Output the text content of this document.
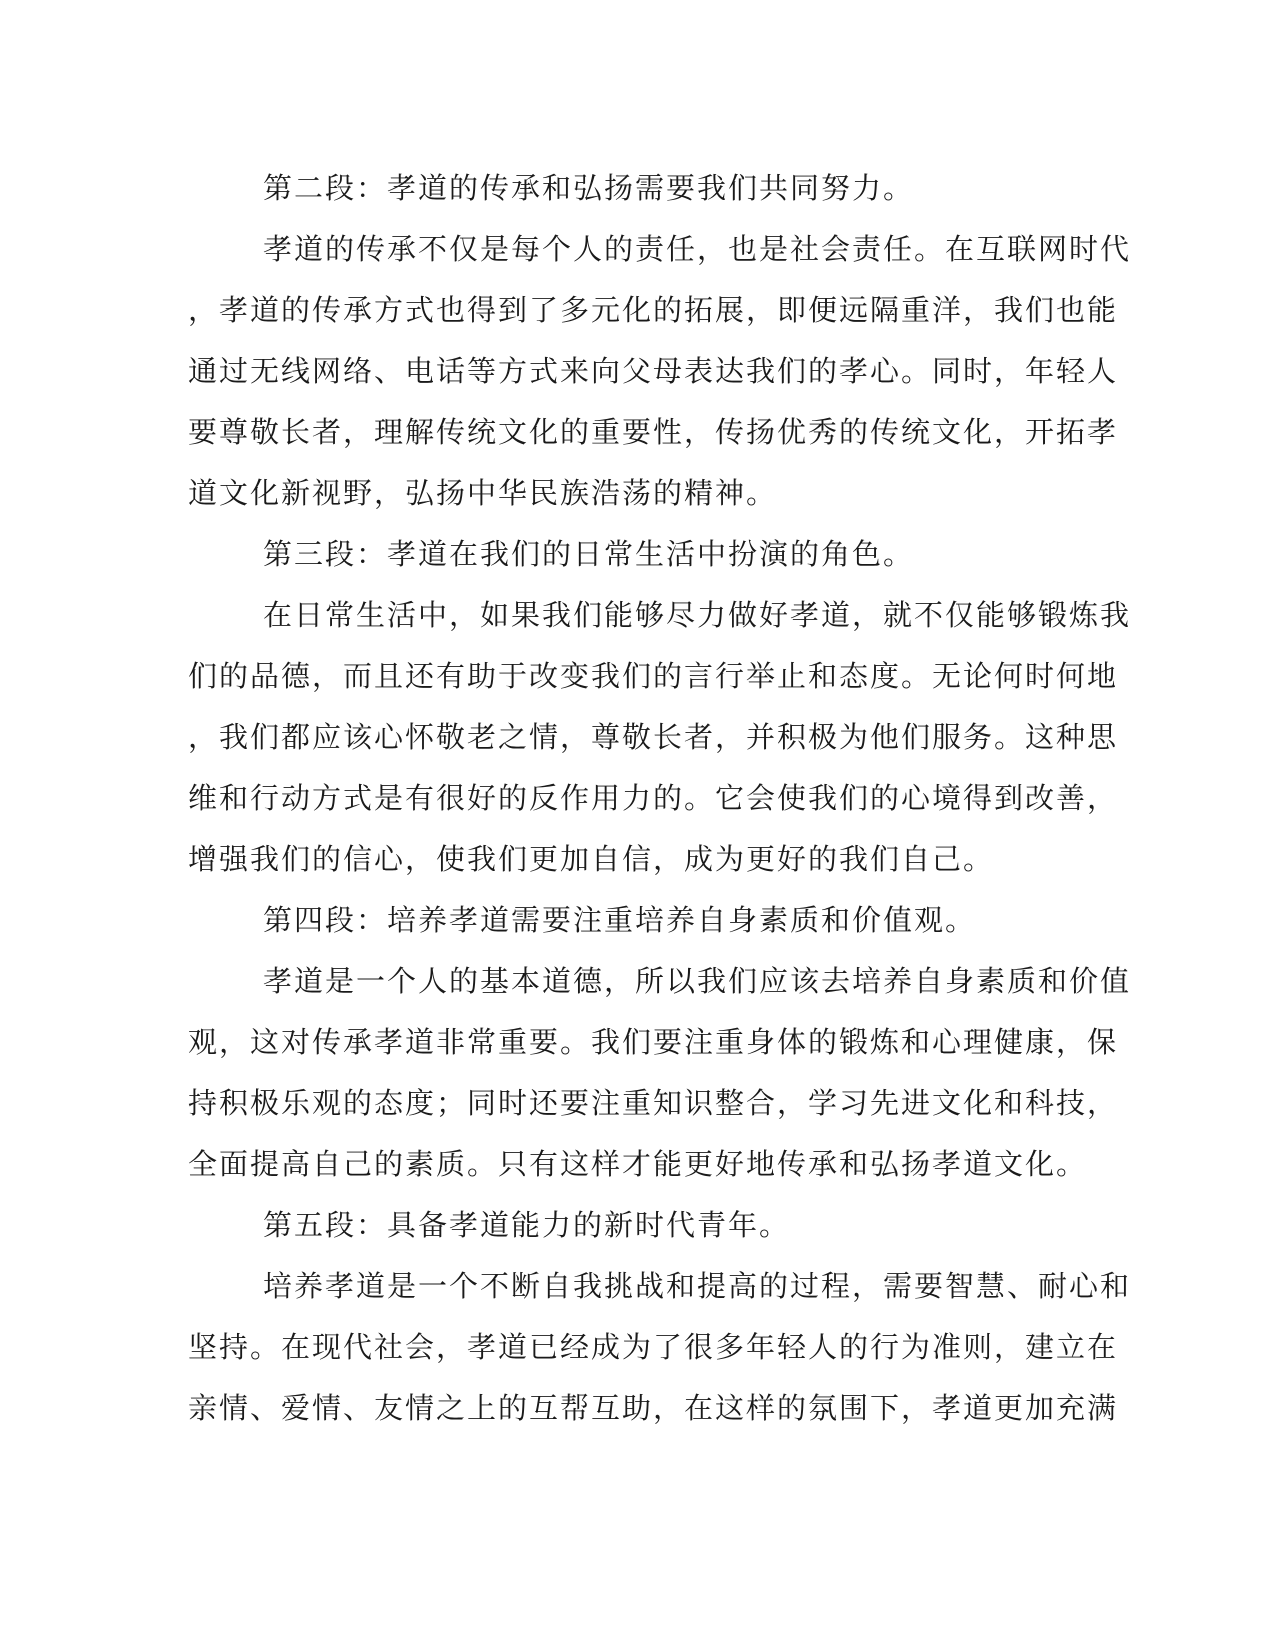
第二段：孝道的传承和弘扬需要我们共同努力。
孝道的传承不仅是每个人的责任，也是社会责任。在互联网时代
，孝道的传承方式也得到了多元化的拓展，即便远隔重洋，我们也能
通过无线网络、电话等方式来向父母表达我们的孝心。同时，年轻人
要尊敬长者，理解传统文化的重要性，传扬优秀的传统文化，开拓孝
道文化新视野，弘扬中华民族浩荡的精神。
第三段：孝道在我们的日常生活中扮演的角色。
在日常生活中，如果我们能够尽力做好孝道，就不仅能够锻炼我
们的品德，而且还有助于改变我们的言行举止和态度。无论何时何地
，我们都应该心怀敬老之情，尊敬长者，并积极为他们服务。这种思
维和行动方式是有很好的反作用力的。它会使我们的心境得到改善，
增强我们的信心，使我们更加自信，成为更好的我们自己。
第四段：培养孝道需要注重培养自身素质和价值观。
孝道是一个人的基本道德，所以我们应该去培养自身素质和价值
观，这对传承孝道非常重要。我们要注重身体的锻炼和心理健康，保
持积极乐观的态度；同时还要注重知识整合，学习先进文化和科技，
全面提高自己的素质。只有这样才能更好地传承和弘扬孝道文化。
第五段：具备孝道能力的新时代青年。
培养孝道是一个不断自我挑战和提高的过程，需要智慧、耐心和
坚持。在现代社会，孝道已经成为了很多年轻人的行为准则，建立在
亲情、爱情、友情之上的互帮互助，在这样的氛围下，孝道更加充满
